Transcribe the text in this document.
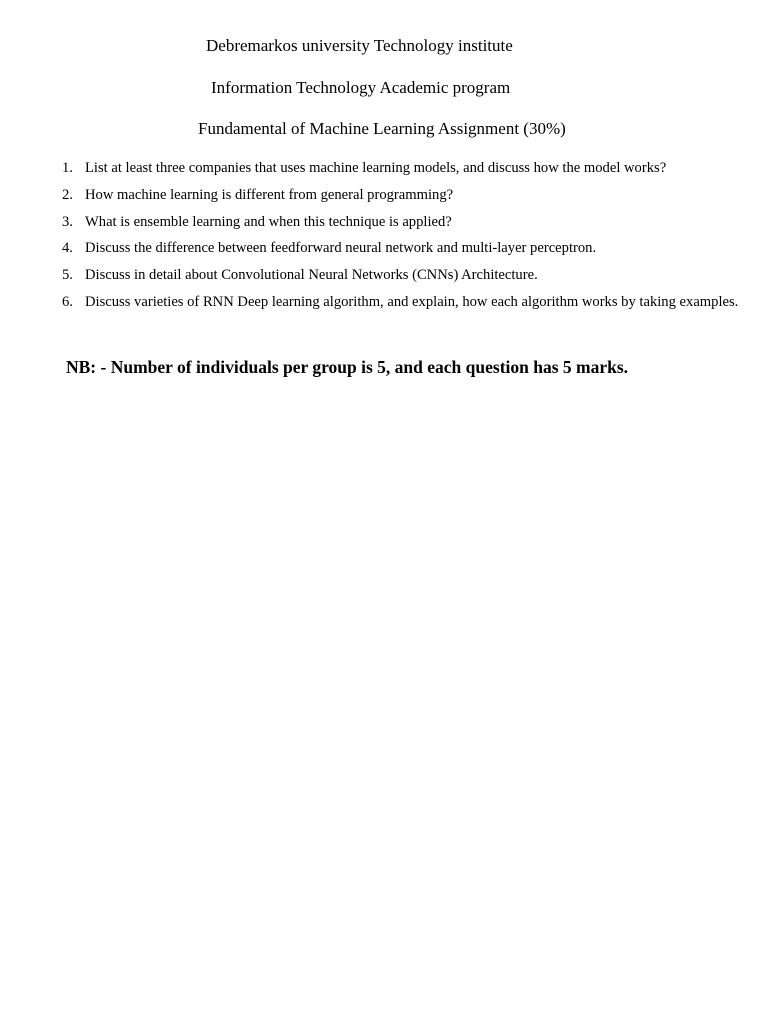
Debremarkos university Technology institute
Information Technology Academic program
Fundamental of Machine Learning Assignment (30%)
1. List at least three companies that uses machine learning models, and discuss how the model works?
2. How machine learning is different from general programming?
3. What is ensemble learning and when this technique is applied?
4. Discuss the difference between feedforward neural network and multi-layer perceptron.
5. Discuss in detail about Convolutional Neural Networks (CNNs) Architecture.
6. Discuss varieties of RNN Deep learning algorithm, and explain, how each algorithm works by taking examples.
NB: - Number of individuals per group is 5, and each question has 5 marks.
